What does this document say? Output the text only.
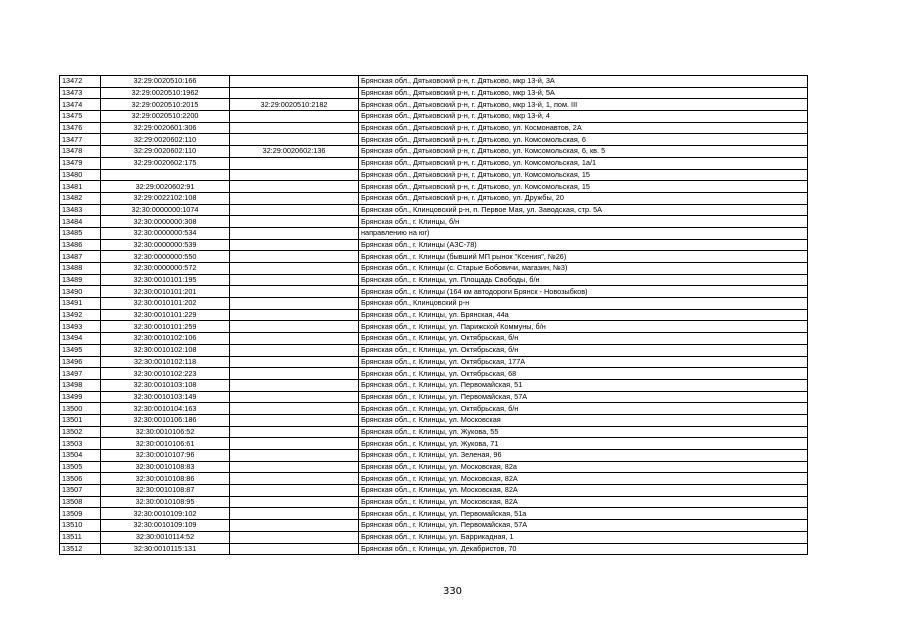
13472	32:29:0020510:166		Брянская обл., Дятьковский р-н, г. Дятьково, мкр 13-й, 3А
13473	32:29:0020510:1962		Брянская обл., Дятьковский р-н, г. Дятьково, мкр 13-й, 5А
13474	32:29:0020510:2015	32:29:0020510:2182	Брянская обл., Дятьковский р-н, г. Дятьково, мкр 13-й, 1, пом. III
13475	32:29:0020510:2200		Брянская обл., Дятьковский р-н, г. Дятьково, мкр 13-й, 4
13476	32:29:0020601:306		Брянская обл., Дятьковский р-н, г. Дятьково, ул. Космонавтов, 2А
13477	32:29:0020602:110		Брянская обл., Дятьковский р-н, г. Дятьково, ул. Комсомольская, 6
13478	32:29:0020602:110	32:29:0020602:136	Брянская обл., Дятьковский р-н, г. Дятьково, ул. Комсомольская, 6, кв. 5
13479	32:29:0020602:175		Брянская обл., Дятьковский р-н, г. Дятьково, ул. Комсомольская, 1а/1
13480			Брянская обл., Дятьковский р-н, г. Дятьково, ул. Комсомольская, 15
13481	32:29:0020602:91		Брянская обл., Дятьковский р-н, г. Дятьково, ул. Комсомольская, 15
13482	32:29:0022102:108		Брянская обл., Дятьковский р-н, г. Дятьково, ул. Дружбы, 20
13483	32:30:0000000:1074		Брянская обл., Клинцовский р-н, п. Первое Мая, ул. Заводская, стр. 5А
13484	32:30:0000000:308		Брянская обл., г. Клинцы, б/н
13485	32:30:0000000:534		направлению на юг)
13486	32:30:0000000:539		Брянская обл., г. Клинцы (АЗС-78)
13487	32:30:0000000:550		Брянская обл., г. Клинцы (бывший МП рынок "Ксения", №26)
13488	32:30:0000000:572		Брянская обл., г. Клинцы (с. Старые Бобовичи, магазин, №3)
13489	32:30:0010101:195		Брянская обл., г. Клинцы, ул. Площадь Свободы, б/н
13490	32:30:0010101:201		Брянская обл., г. Клинцы (164 км автодороги Брянск - Новозыбков)
13491	32:30:0010101:202		Брянская обл., Клинцовский р-н
13492	32:30:0010101:229		Брянская обл., г. Клинцы, ул. Брянская, 44а
13493	32:30:0010101:259		Брянская обл., г. Клинцы, ул. Парижской Коммуны, б/н
13494	32:30:0010102:106		Брянская обл., г. Клинцы, ул. Октябрьская, б/н
13495	32:30:0010102:108		Брянская обл., г. Клинцы, ул. Октябрьская, б/н
13496	32:30:0010102:118		Брянская обл., г. Клинцы, ул. Октябрьская, 177А
13497	32:30:0010102:223		Брянская обл., г. Клинцы, ул. Октябрьская, 68
13498	32:30:0010103:108		Брянская обл., г. Клинцы, ул. Первомайская, 51
13499	32:30:0010103:149		Брянская обл., г. Клинцы, ул. Первомайская, 57А
13500	32:30:0010104:163		Брянская обл., г. Клинцы, ул. Октябрьская, б/н
13501	32:30:0010106:186		Брянская обл., г. Клинцы, ул. Московская
13502	32:30:0010106:52		Брянская обл., г. Клинцы, ул. Жукова, 55
13503	32:30:0010106:61		Брянская обл., г. Клинцы, ул. Жукова, 71
13504	32:30:0010107:96		Брянская обл., г. Клинцы, ул. Зеленая, 96
13505	32:30:0010108:83		Брянская обл., г. Клинцы, ул. Московская, 82а
13506	32:30:0010108:86		Брянская обл., г. Клинцы, ул. Московская, 82А
13507	32:30:0010108:87		Брянская обл., г. Клинцы, ул. Московская, 82А
13508	32:30:0010108:95		Брянская обл., г. Клинцы, ул. Московская, 82А
13509	32:30:0010109:102		Брянская обл., г. Клинцы, ул. Первомайская, 51а
13510	32:30:0010109:109		Брянская обл., г. Клинцы, ул. Первомайская, 57А
13511	32:30:0010114:52		Брянская обл., г. Клинцы, ул. Баррикадная, 1
13512	32:30:0010115:131		Брянская обл., г. Клинцы, ул. Декабристов, 70
330
